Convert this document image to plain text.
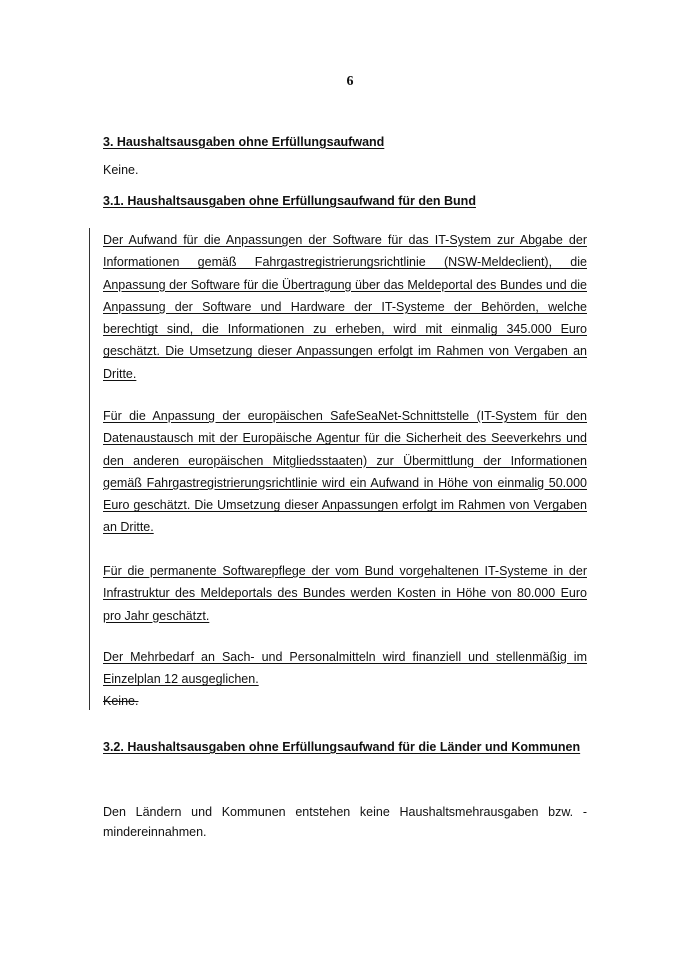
6
3. Haushaltsausgaben ohne Erfüllungsaufwand

Keine.

3.1. Haushaltsausgaben ohne Erfüllungsaufwand für den Bund

Der Aufwand für die Anpassungen der Software für das IT-System zur Abgabe der Informationen gemäß Fahrgastregistrierungsrichtlinie (NSW-Meldeclient), die Anpassung der Software für die Übertragung über das Meldeportal des Bundes und die Anpassung der Software und Hardware der IT-Systeme der Behörden, welche berechtigt sind, die Informationen zu erheben, wird mit einmalig 345.000 Euro geschätzt. Die Umsetzung dieser Anpassungen erfolgt im Rahmen von Vergaben an Dritte.

Für die Anpassung der europäischen SafeSeaNet-Schnittstelle (IT-System für den Datenaustausch mit der Europäische Agentur für die Sicherheit des Seeverkehrs und den anderen europäischen Mitgliedsstaaten) zur Übermittlung der Informationen gemäß Fahrgastregistrierungsrichtlinie wird ein Aufwand in Höhe von einmalig 50.000 Euro geschätzt. Die Umsetzung dieser Anpassungen erfolgt im Rahmen von Vergaben an Dritte.

Für die permanente Softwarepflege der vom Bund vorgehaltenen IT-Systeme in der Infrastruktur des Meldeportals des Bundes werden Kosten in Höhe von 80.000 Euro pro Jahr geschätzt.

Der Mehrbedarf an Sach- und Personalmitteln wird finanziell und stellenmäßig im Einzelplan 12 ausgeglichen.

Keine.

3.2. Haushaltsausgaben ohne Erfüllungsaufwand für die Länder und Kommunen

Den Ländern und Kommunen entstehen keine Haushaltsmehrausgaben bzw. -mindereinnahmen.
